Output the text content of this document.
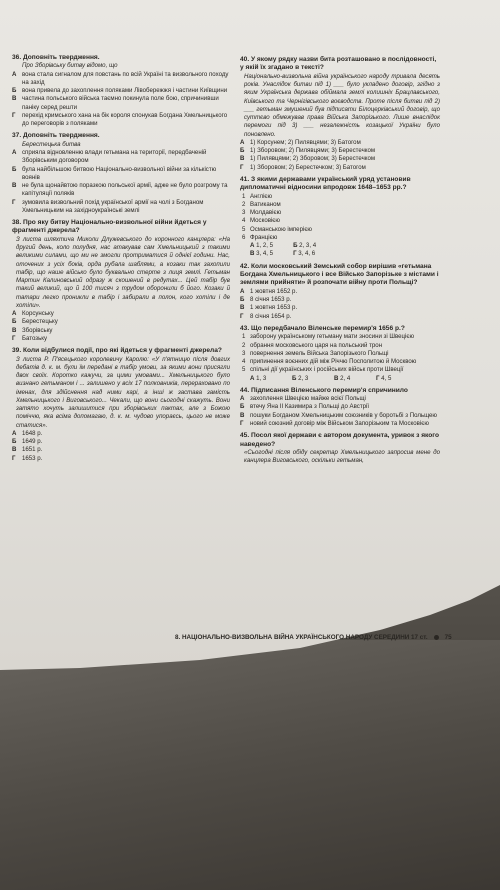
36. Доповніть твердження.
Про Зборівську битву відомо, що
А вона стала сигналом для повстань по всій Україні та визвольного походу на захід
Б вона привела до захоплення поляками Лівобережжя і частини Київщини
В частина польського війська таємно покинула поле бою, спричинивши паніку серед решти
Г перехід кримського хана на бік короля спонукав Богдана Хмельницького до переговорів з поляками
37. Доповніть твердження.
Берестецька битва
А сприяла відновленню влади гетьмана на території, передбаченій Зборівським договором
Б була найбільшою битвою Національно-визвольної війни за кількістю воянів
В не була щонайвтою поразкою польської армії, адже не було розгрому та капітуляції поляків
Г зумовила визвольний похід української армії на чолі з Богданом Хмельницьким на західноукраїнські землі
38. Про яку битву Національно-визвольної війни йдеться у фрагменті джерела?
З листа шляхтича Миколи Длужевського до коронного канцлера: «На другий день, коло полудня, нас атакував сам Хмельницький з такими великими силами, що ми не змогли протриматися й однієї години. Нас, оточених з усіх боків, орда рубала шаблями, а козаки так захопили табір, що наше військо було буквально стерте з лиця землі. Гетьман Мартин Калиновський одразу ж скошений в редутах... Цей табір був такий великий, що й 100 тисяч з трудом оборонили б його. Козаки й татари легко проникли в табір і забирали в полон, кого хотіли і де хотіли».
А Корсунську
Б Берестецьку
В Зборівську
Г Батозьку
39. Коли відбулися події, про які йдеться у фрагменті джерела?
З листа Р. П'ясецького королевичу Каролю: «У п'ятницю після довгих дебатів д. к. м. були їм передані в табір умови, за якими вони присягли двох своїх. Коротко кажучи, за цими умовами... Хмельницького було визнано гетьманом і ... залишено у всіх 17 полковників, перераховано по іменах, для здійснення над ними карі, а інші ж застава замість Хмельницького і Виговського... Чекали, що вони сьогодні скажуть. Вони затято хочуть залишитися при зборівських пактах, але з Божою поміччю, яка всіма допомагаю, д. к. м. чудово упораєсь, цього не може статися».
А 1648 р.
Б 1649 р.
В 1651 р.
Г 1653 р.
40. У якому рядку назви бита розташовано в послідовності, у якій їх згадано в тексті?
Національно-визвольна війна українського народу тривала десять років. Унаслідок битви під 1) ___ було укладено договір, згідно з яким Українська держава обіймала землі колишніх Брацлавського, Київського та Чернігівського воєводств. Проте після битви під 2) ___ гетьман змушений був підписати Білоцерківський договір, що суттєво обмежував права Війська Запорізького. Лише внаслідок перемоги під 3) ___ незалежність козацької України було поновлено.
А 1) Корсунем; 2) Пилявцями; 3) Батогом
Б 1) Зборовом; 2) Пилявцями; 3) Берестечком
В 1) Пилявцями; 2) Зборовом; 3) Берестечком
Г 1) Зборовом; 2) Берестечком; 3) Батогом
41. З якими державами український уряд установив дипломатичні відносини впродовж 1648–1653 рр.?
1 Англією
2 Ватиканом
3 Молдавією
4 Московією
5 Османською імперією
6 Францією
А 1, 2, 5	Б 2, 3, 4
В 3, 4, 5	Г 3, 4, 6
42. Коли московський Земський собор вирішив «гетьмана Богдана Хмельницького і все Військо Запорізьке з містами і землями прийняти» й розпочати війну проти Польщі?
А 1 жовтня 1652 р.
Б 8 січня 1653 р.
В 1 жовтня 1653 р.
Г 8 січня 1654 р.
43. Що передбачало Віленське перемир'я 1656 р.?
1 заборону українському гетьману мати зносини зі Швецією
2 обрання московського царя на польський трон
3 повернення земель Війська Запорізького Польщі
4 припинення воєнних дій між Річчю Посполитою й Москвою
5 спільні дії українських і російських військ проти Швеції
А 1, 3	Б 2, 3	В 2, 4	Г 4, 5
44. Підписання Віленського перемир'я спричинило
А захоплення Швецією майже всієї Польщі
Б втечу Яна II Казимира з Польщі до Австрії
В пошуки Богданом Хмельницьким союзників у боротьбі з Польщею
Г новий союзний договір між Військом Запорізьким та Московією
45. Посол якої держави є автором документа, уривок з якого наведено?
«Сьогодні після обіду секретар Хмельницького запросив мене до канцлера Виговського, оскільки гетьман,
8. НАЦІОНАЛЬНО-ВИЗВОЛЬНА ВІЙНА УКРАЇНСЬКОГО НАРОДУ СЕРЕДИНИ 17 ст.	75
